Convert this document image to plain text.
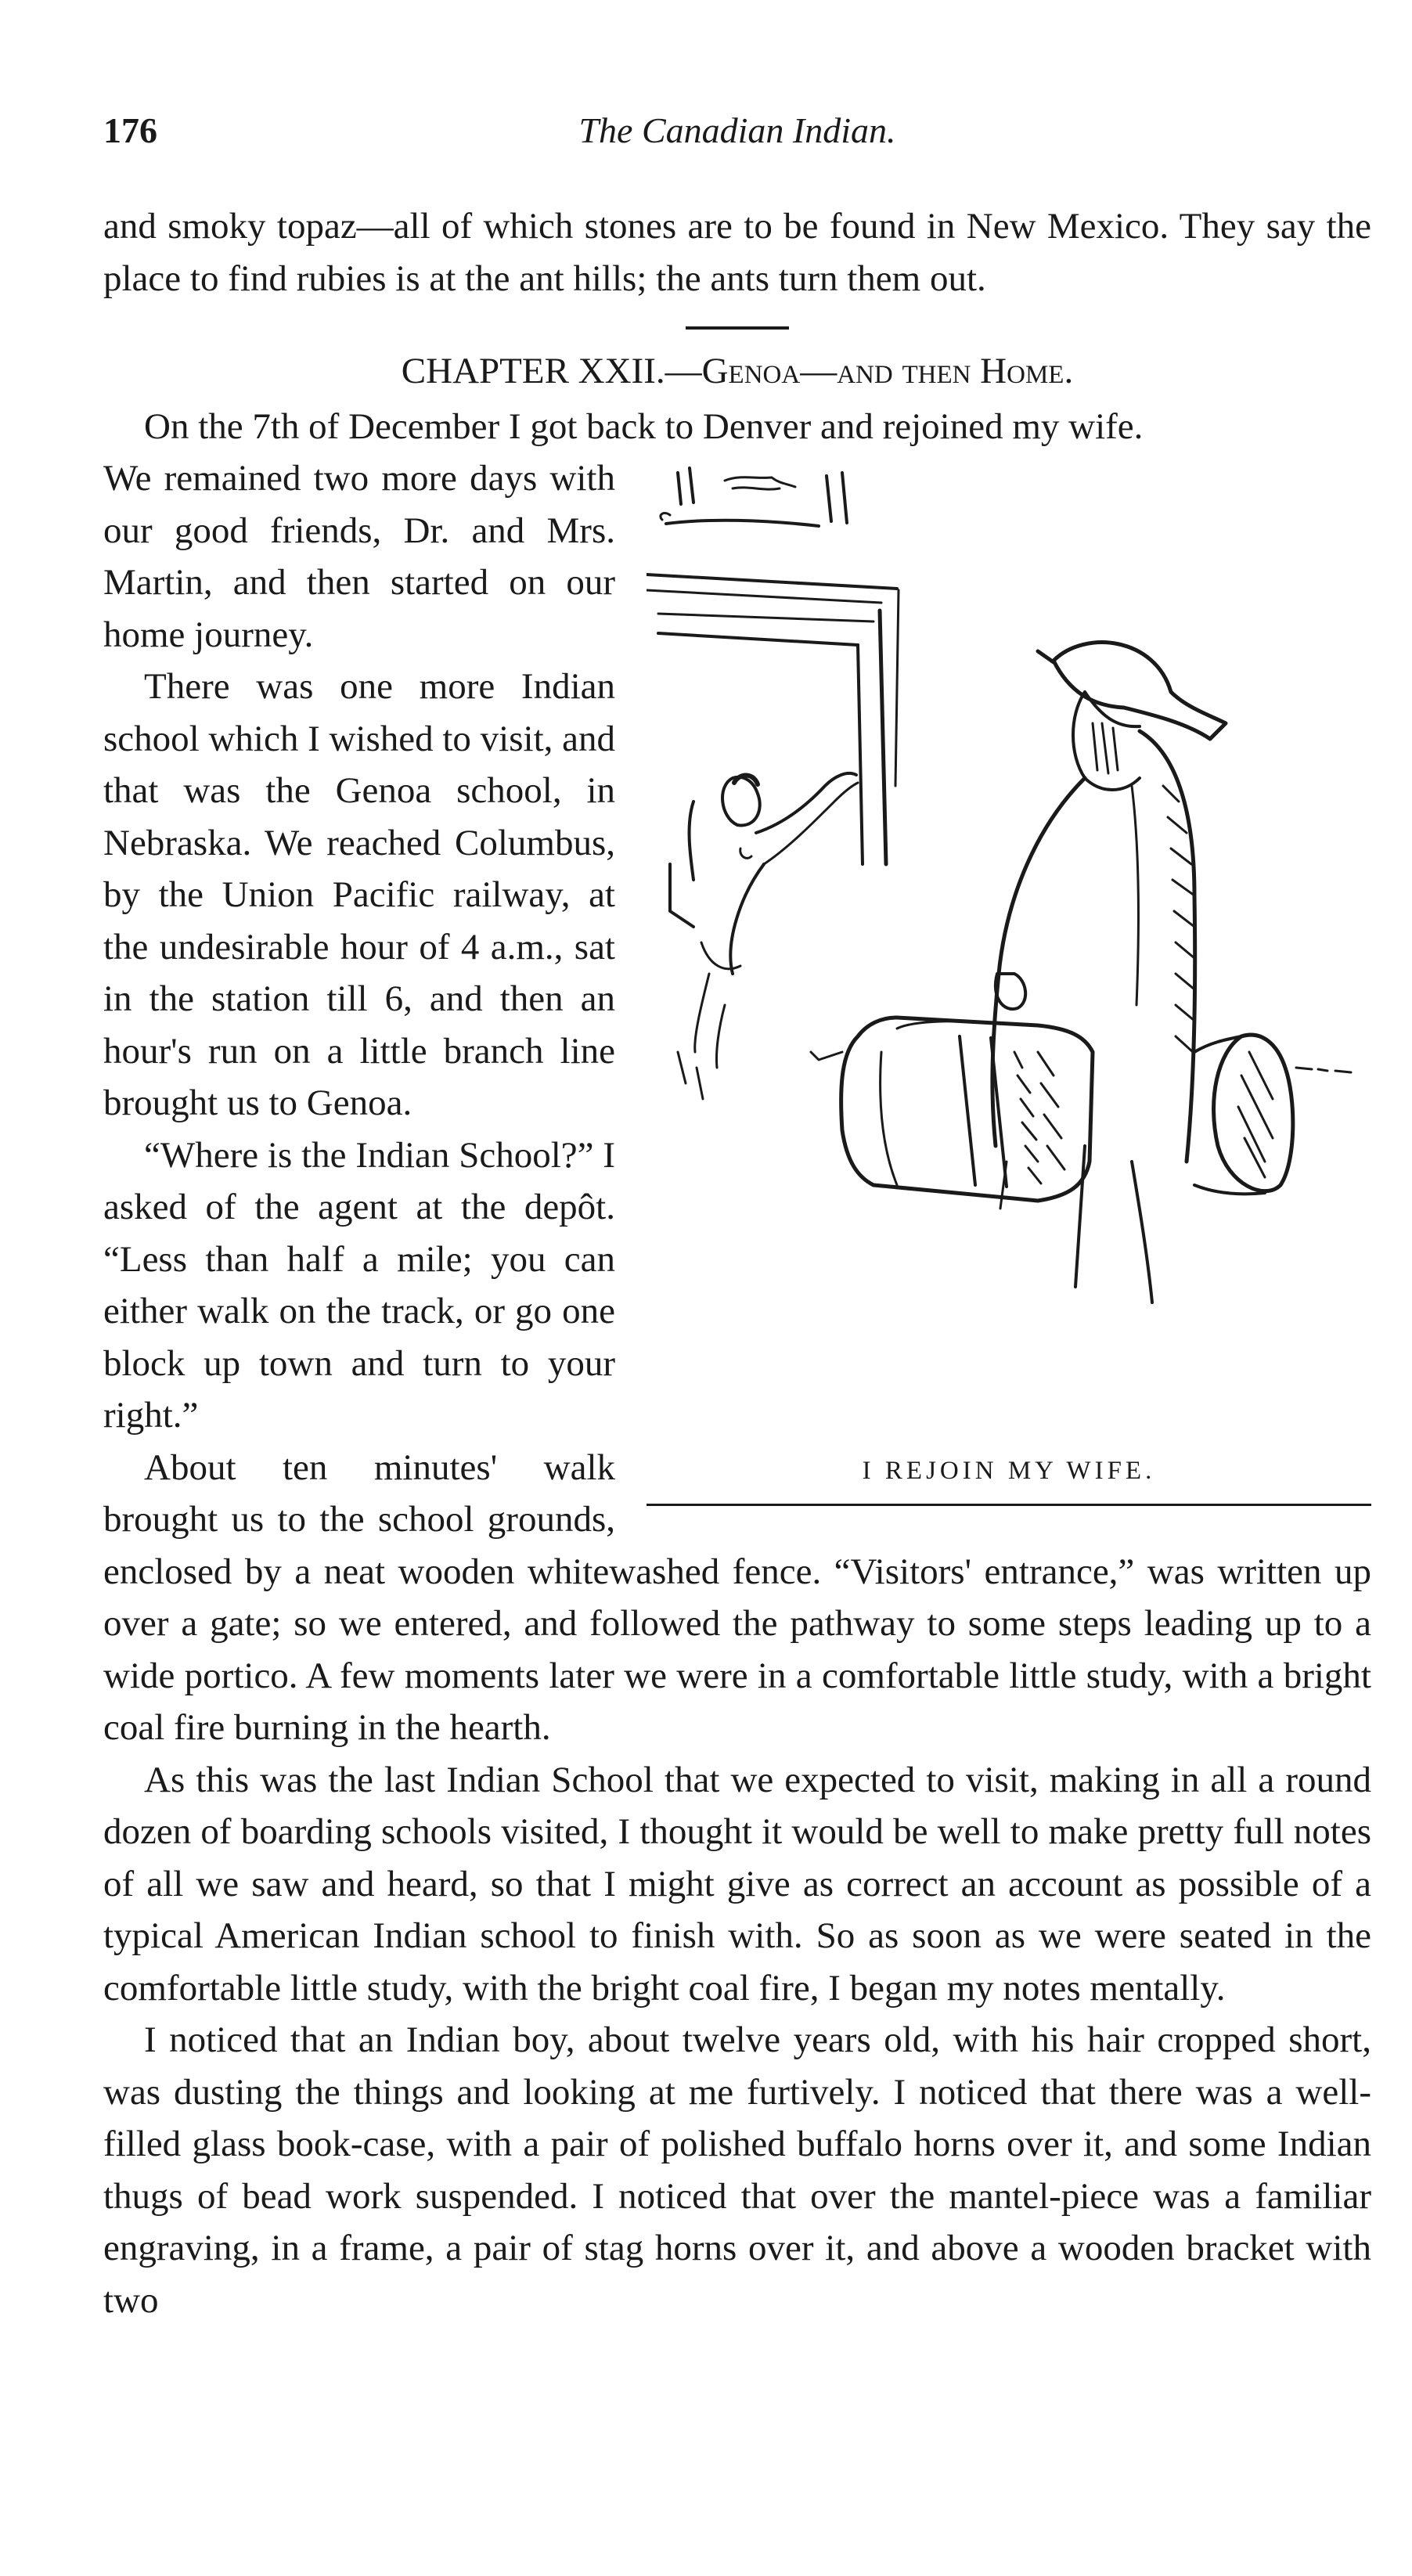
176	The Canadian Indian.

and smoky topaz—all of which stones are to be found in New Mexico. They say the place to find rubies is at the ant hills; the ants turn them out.

CHAPTER XXII.—Genoa—and then Home.

On the 7th of December I got back to Denver and rejoined my wife.

I REJOIN MY WIFE.

We remained two more days with our good friends, Dr. and Mrs. Martin, and then started on our home journey.

There was one more Indian school which I wished to visit, and that was the Genoa school, in Nebraska. We reached Columbus, by the Union Pacific railway, at the undesirable hour of 4 a.m., sat in the station till 6, and then an hour's run on a little branch line brought us to Genoa.

“Where is the Indian School?” I asked of the agent at the depôt. “Less than half a mile; you can either walk on the track, or go one block up town and turn to your right.”

About ten minutes' walk brought us to the school grounds, enclosed by a neat wooden whitewashed fence. “Visitors' entrance,” was written up over a gate; so we entered, and followed the pathway to some steps leading up to a wide portico. A few moments later we were in a comfortable little study, with a bright coal fire burning in the hearth.

As this was the last Indian School that we expected to visit, making in all a round dozen of boarding schools visited, I thought it would be well to make pretty full notes of all we saw and heard, so that I might give as correct an account as possible of a typical American Indian school to finish with. So as soon as we were seated in the comfortable little study, with the bright coal fire, I began my notes mentally.

I noticed that an Indian boy, about twelve years old, with his hair cropped short, was dusting the things and looking at me furtively. I noticed that there was a well-filled glass book-case, with a pair of polished buffalo horns over it, and some Indian thugs of bead work suspended. I noticed that over the mantel-piece was a familiar engraving, in a frame, a pair of stag horns over it, and above a wooden bracket with two
